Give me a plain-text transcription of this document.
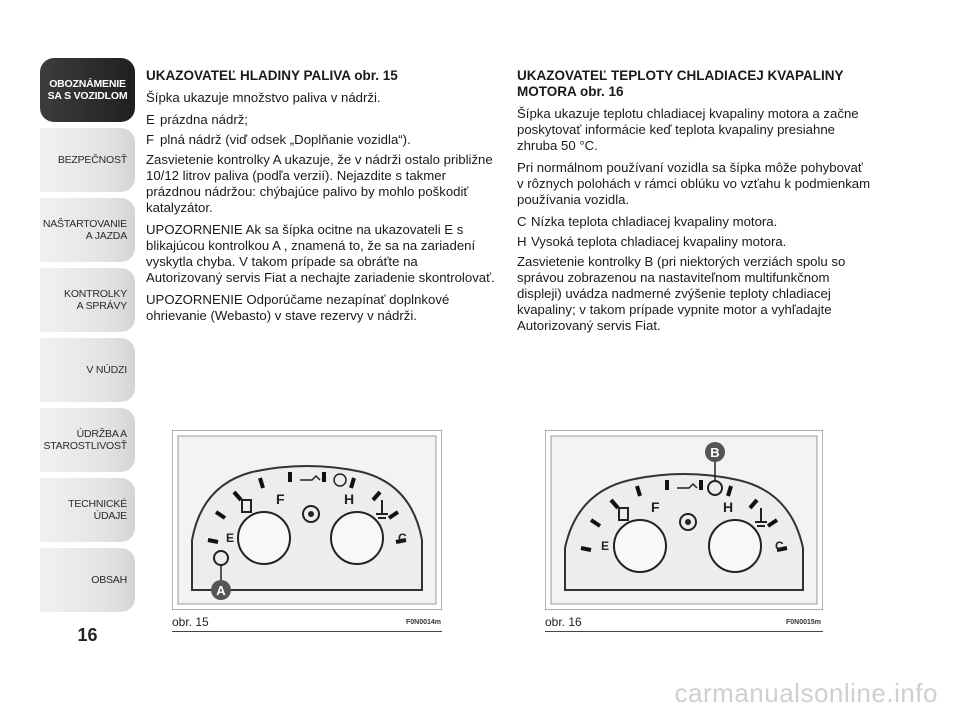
OBOZNÁMENIE
SA S VOZIDLOM
BEZPEČNOSŤ
NAŠTARTOVANIE
A JAZDA
KONTROLKY
A SPRÁVY
V NÚDZI
ÚDRŽBA A
STAROSTLIVOSŤ
TECHNICKÉ
ÚDAJE
OBSAH
16
UKAZOVATEĽ HLADINY PALIVA obr. 15

Šípka ukazuje množstvo paliva v nádrži.

E prázdna nádrž;
F plná nádrž (viď odsek „Doplňanie vozidla“).

Zasvietenie kontrolky A ukazuje, že v nádrži ostalo približne 10/12 litrov paliva (podľa verzií). Nejazdite s takmer prázdnou nádržou: chýbajúce palivo by mohlo poškodiť katalyzátor.

UPOZORNENIE Ak sa šípka ocitne na ukazovateli E s blikajúcou kontrolkou A , znamená to, že sa na zariadení vyskytla chyba. V takom prípade sa obráťte na Autorizovaný servis Fiat a nechajte zariadenie skontrolovať.

UPOZORNENIE Odporúčame nezapínať doplnkové ohrievanie (Webasto) v stave rezervy v nádrži.

UKAZOVATEĽ TEPLOTY CHLADIACEJ KVAPALINY MOTORA obr. 16

Šípka ukazuje teplotu chladiacej kvapaliny motora a začne poskytovať informácie keď teplota kvapaliny presiahne zhruba 50 °C.

Pri normálnom používaní vozidla sa šípka môže pohybovať v rôznych polohách v rámci oblúku vo vzťahu k podmienkam používania vozidla.

C Nízka teplota chladiacej kvapaliny motora.
H Vysoká teplota chladiacej kvapaliny motora.

Zasvietenie kontrolky B (pri niektorých verziách spolu so správou zobrazenou na nastaviteľnom multifunkčnom displeji) uvádza nadmerné zvýšenie teploty chladiacej kvapaliny; v takom prípade vypnite motor a vyhľadajte Autorizovaný servis Fiat.

F	H
E	C
A
obr. 15	F0N0014m
F	H
E	C
B
obr. 16	F0N0015m
carmanualsonline.info
